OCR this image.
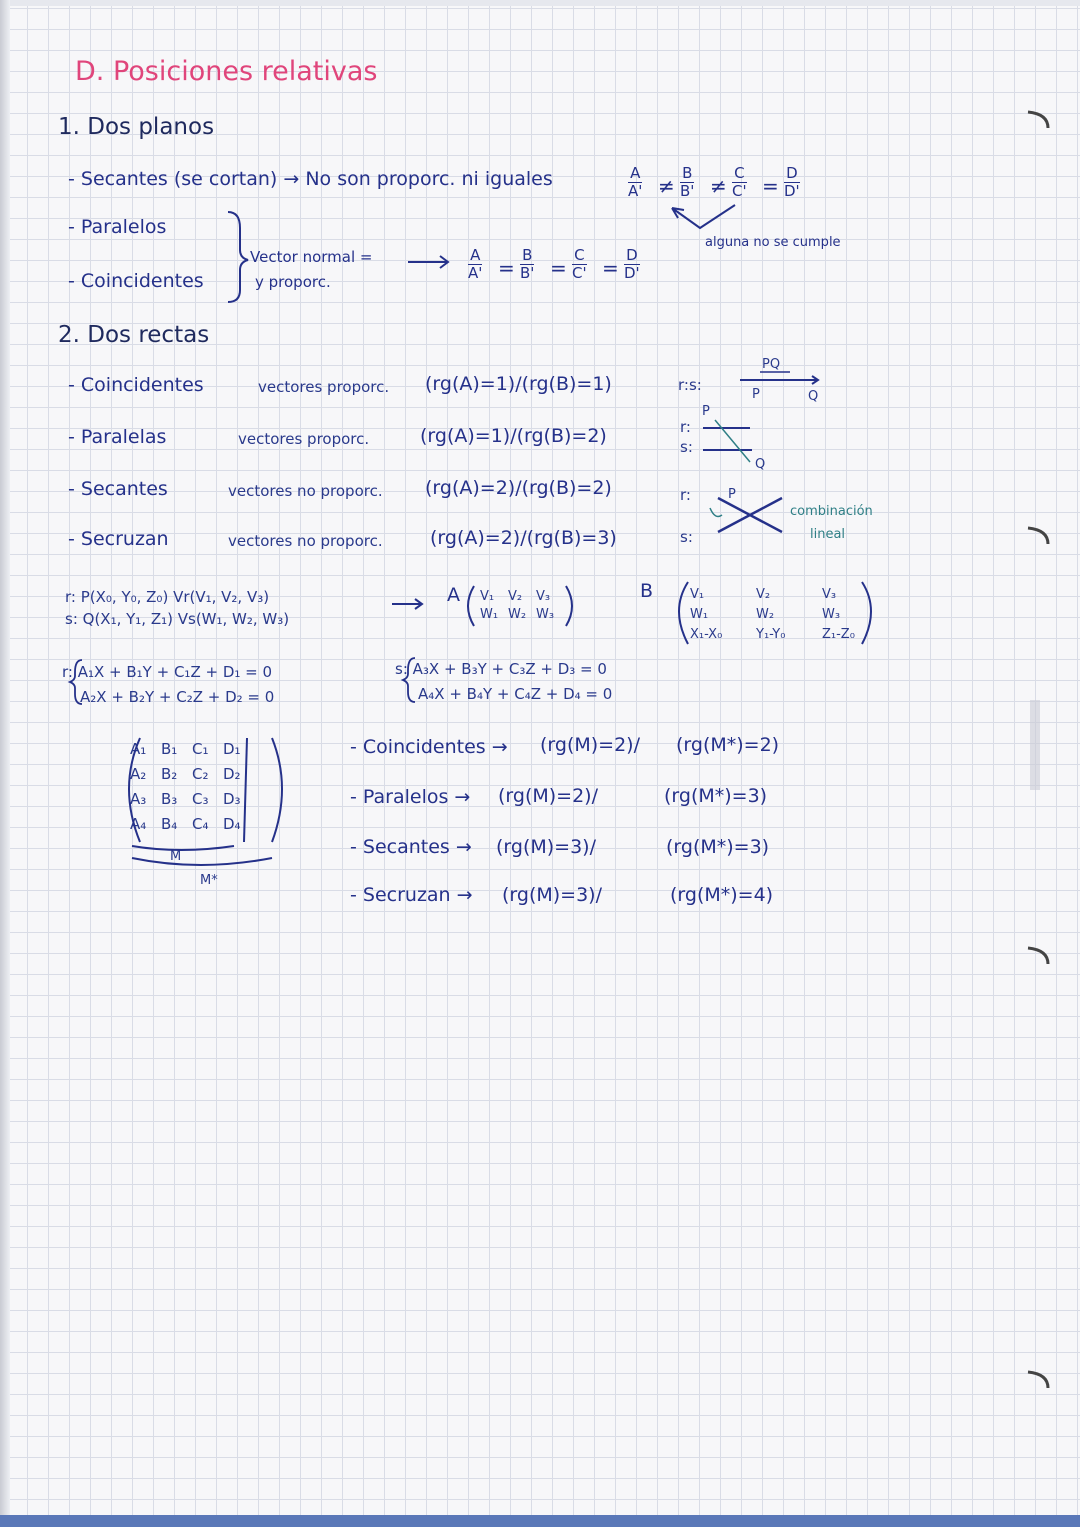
D. Posiciones relativas
1. Dos planos
- Secantes (se cortan) → No son proporc. ni iguales	$\frac{A}{A'} \ne \frac{B}{B'} \ne \frac{C}{C'} = \frac{D}{D'}$
alguna no se cumple
- Paralelos
- Coincidentes
Vector normal =
y proporc.
$\frac{A}{A'} = \frac{B}{B'} = \frac{C}{C'} = \frac{D}{D'}$
2. Dos rectas
- Coincidentes	vectores proporc. (rg(A)=1)/(rg(B)=1)	r:s:
- Paralelas	vectores proporc.	(rg(A)=1)/(rg(B)=2)	r:
s:
- Secantes	vectores no proporc. (rg(A)=2)/(rg(B)=2)	r:
- Secruzan	vectores no proporc. (rg(A)=2)/(rg(B)=3)	s:
PQ
P	Q
P
Q
P
combinación
lineal
r: P(X₀, Y₀, Z₀) Vr(V₁, V₂, V₃)
s: Q(X₁, Y₁, Z₁) Vs(W₁, W₂, W₃)
A V₁ V₂ V₃
W₁ W₂ W₃
B	V₁	V₂	V₃
W₁	W₂	W₃
X₁-X₀	Y₁-Y₀	Z₁-Z₀
r: A₁X + B₁Y + C₁Z + D₁ = 0
A₂X + B₂Y + C₂Z + D₂ = 0
s: A₃X + B₃Y + C₃Z + D₃ = 0
A₄X + B₄Y + C₄Z + D₄ = 0
A₁ B₁ C₁ D₁
A₂ B₂ C₂ D₂
A₃ B₃ C₃ D₃
A₄ B₄ C₄ D₄
M
M*
- Coincidentes → (rg(M)=2)/ (rg(M*)=2)
- Paralelos → (rg(M)=2)/	(rg(M*)=3)
- Secantes → (rg(M)=3)/	(rg(M*)=3)
- Secruzan → (rg(M)=3)/	(rg(M*)=4)
